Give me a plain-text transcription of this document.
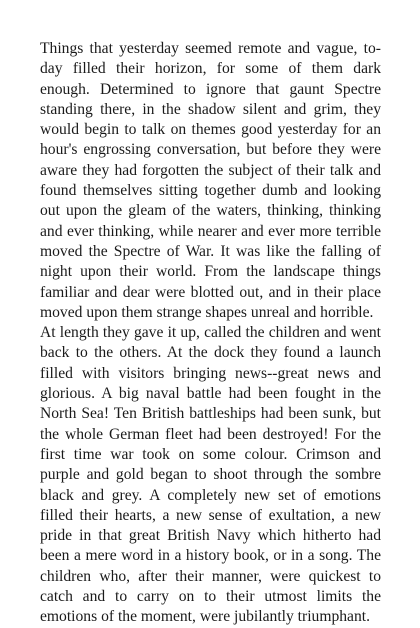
Things that yesterday seemed remote and vague, to-day filled their horizon, for some of them dark enough. Determined to ignore that gaunt Spectre standing there, in the shadow silent and grim, they would begin to talk on themes good yesterday for an hour's engrossing conversation, but before they were aware they had forgotten the subject of their talk and found themselves sitting together dumb and looking out upon the gleam of the waters, thinking, thinking and ever thinking, while nearer and ever more terrible moved the Spectre of War. It was like the falling of night upon their world. From the landscape things familiar and dear were blotted out, and in their place moved upon them strange shapes unreal and horrible.

At length they gave it up, called the children and went back to the others. At the dock they found a launch filled with visitors bringing news--great news and glorious. A big naval battle had been fought in the North Sea! Ten British battleships had been sunk, but the whole German fleet had been destroyed! For the first time war took on some colour. Crimson and purple and gold began to shoot through the sombre black and grey. A completely new set of emotions filled their hearts, a new sense of exultation, a new pride in that great British Navy which hitherto had been a mere word in a history book, or in a song. The children who, after their manner, were quickest to catch and to carry on to their utmost limits the emotions of the moment, were jubilantly triumphant.
